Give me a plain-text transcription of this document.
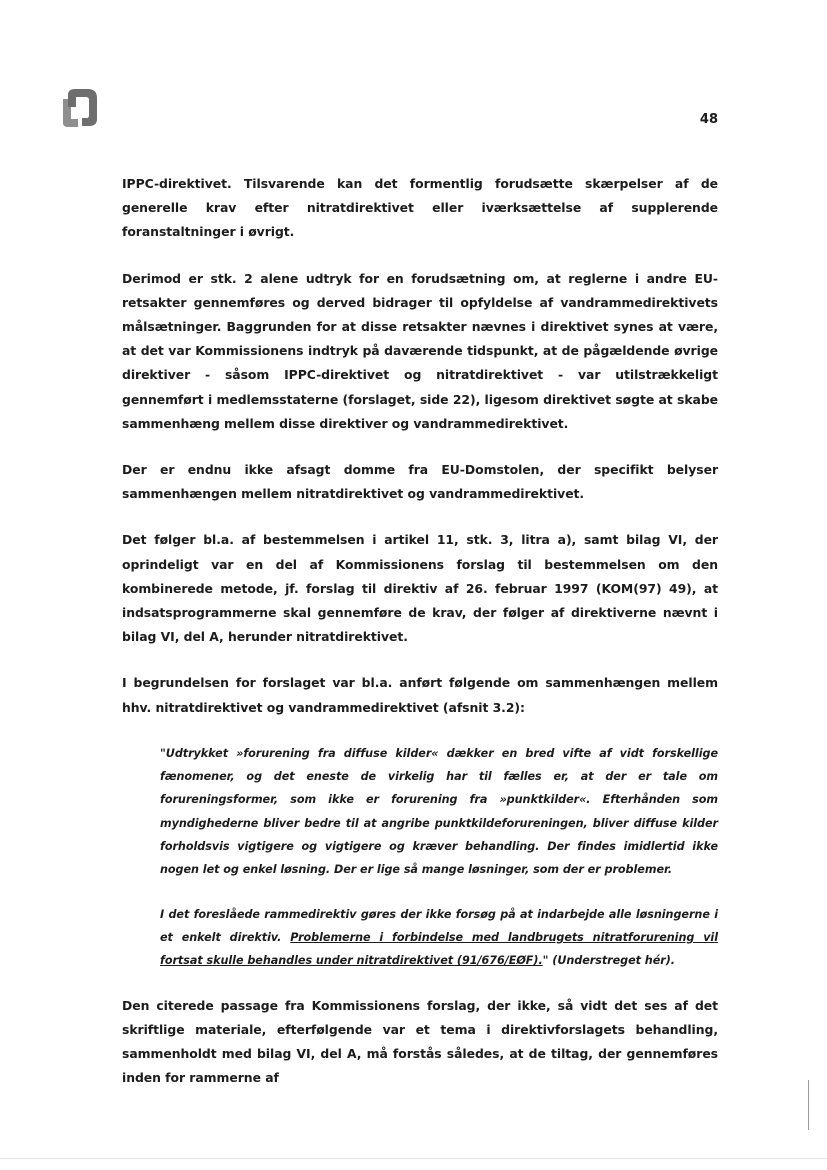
48

IPPC-direktivet. Tilsvarende kan det formentlig forudsætte skærpelser af de generelle krav efter nitratdirektivet eller iværksættelse af supplerende foranstaltninger i øvrigt.

Derimod er stk. 2 alene udtryk for en forudsætning om, at reglerne i andre EU-retsakter gennemføres og derved bidrager til opfyldelse af vandrammedirektivets målsætninger. Baggrunden for at disse retsakter nævnes i direktivet synes at være, at det var Kommissionens indtryk på daværende tidspunkt, at de pågældende øvrige direktiver - såsom IPPC-direktivet og nitratdirektivet - var utilstrækkeligt gennemført i medlemsstaterne (forslaget, side 22), ligesom direktivet søgte at skabe sammenhæng mellem disse direktiver og vandrammedirektivet.

Der er endnu ikke afsagt domme fra EU-Domstolen, der specifikt belyser sammenhængen mellem nitratdirektivet og vandrammedirektivet.

Det følger bl.a. af bestemmelsen i artikel 11, stk. 3, litra a), samt bilag VI, der oprindeligt var en del af Kommissionens forslag til bestemmelsen om den kombinerede metode, jf. forslag til direktiv af 26. februar 1997 (KOM(97) 49), at indsatsprogrammerne skal gennemføre de krav, der følger af direktiverne nævnt i bilag VI, del A, herunder nitratdirektivet.

I begrundelsen for forslaget var bl.a. anført følgende om sammenhængen mellem hhv. nitratdirektivet og vandrammedirektivet (afsnit 3.2):

"Udtrykket »forurening fra diffuse kilder« dækker en bred vifte af vidt forskellige fænomener, og det eneste de virkelig har til fælles er, at der er tale om forureningsformer, som ikke er forurening fra »punktkilder«. Efterhånden som myndighederne bliver bedre til at angribe punktkildeforureningen, bliver diffuse kilder forholdsvis vigtigere og vigtigere og kræver behandling. Der findes imidlertid ikke nogen let og enkel løsning. Der er lige så mange løsninger, som der er problemer.

I det foreslåede rammedirektiv gøres der ikke forsøg på at indarbejde alle løsningerne i et enkelt direktiv. Problemerne i forbindelse med landbrugets nitratforurening vil fortsat skulle behandles under nitratdirektivet (91/676/EØF)." (Understreget hér).

Den citerede passage fra Kommissionens forslag, der ikke, så vidt det ses af det skriftlige materiale, efterfølgende var et tema i direktivforslagets behandling, sammenholdt med bilag VI, del A, må forstås således, at de tiltag, der gennemføres inden for rammerne af
